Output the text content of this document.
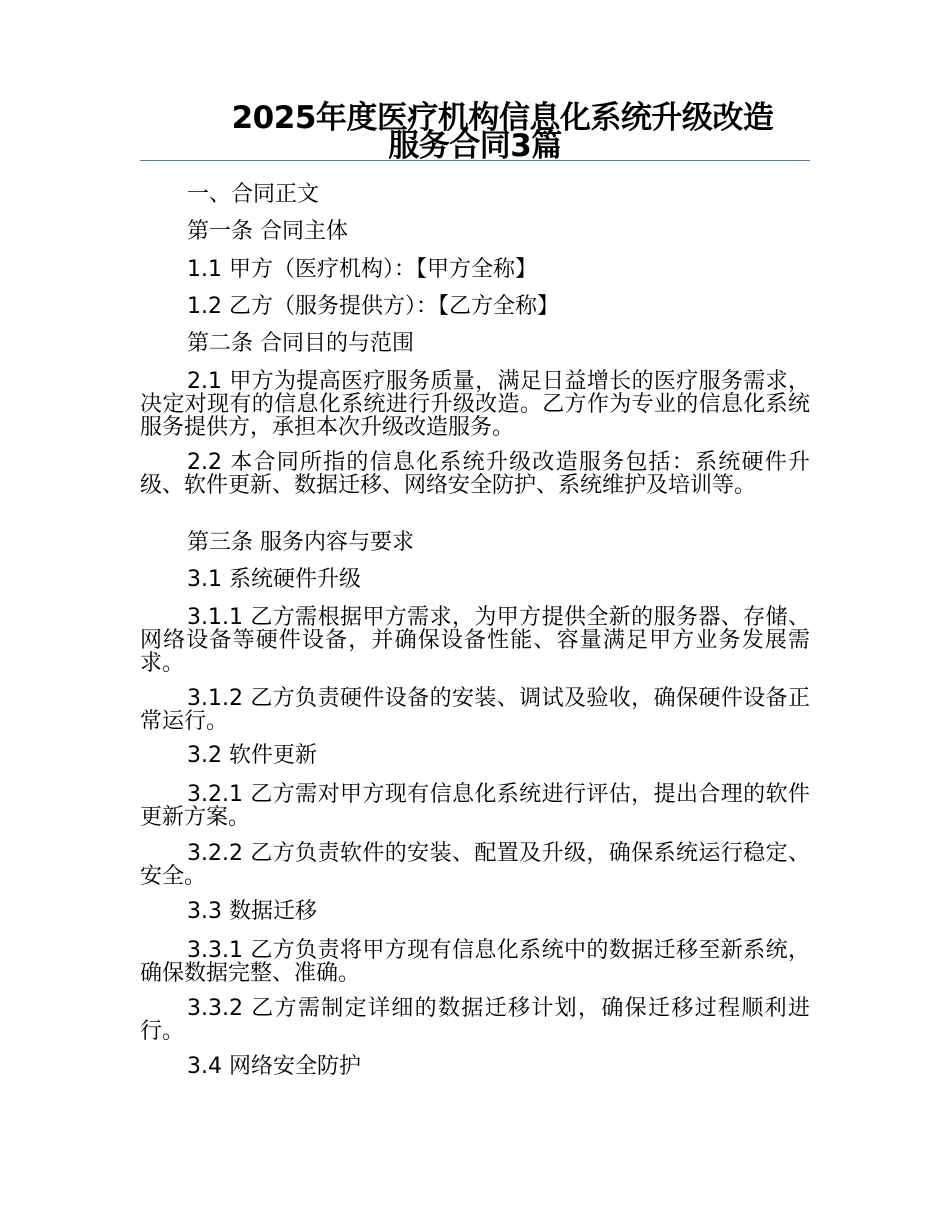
2025年度医疗机构信息化系统升级改造
服务合同3篇

一、合同正文

第一条 合同主体

1.1 甲方（医疗机构）：【甲方全称】

1.2 乙方（服务提供方）：【乙方全称】

第二条 合同目的与范围

2.1 甲方为提高医疗服务质量，满足日益增长的医疗服务需求，决定对现有的信息化系统进行升级改造。乙方作为专业的信息化系统服务提供方，承担本次升级改造服务。

2.2 本合同所指的信息化系统升级改造服务包括：系统硬件升级、软件更新、数据迁移、网络安全防护、系统维护及培训等。

第三条 服务内容与要求

3.1 系统硬件升级

3.1.1 乙方需根据甲方需求，为甲方提供全新的服务器、存储、网络设备等硬件设备，并确保设备性能、容量满足甲方业务发展需求。

3.1.2 乙方负责硬件设备的安装、调试及验收，确保硬件设备正常运行。

3.2 软件更新

3.2.1 乙方需对甲方现有信息化系统进行评估，提出合理的软件更新方案。

3.2.2 乙方负责软件的安装、配置及升级，确保系统运行稳定、安全。

3.3 数据迁移

3.3.1 乙方负责将甲方现有信息化系统中的数据迁移至新系统，确保数据完整、准确。

3.3.2 乙方需制定详细的数据迁移计划，确保迁移过程顺利进行。

3.4 网络安全防护
